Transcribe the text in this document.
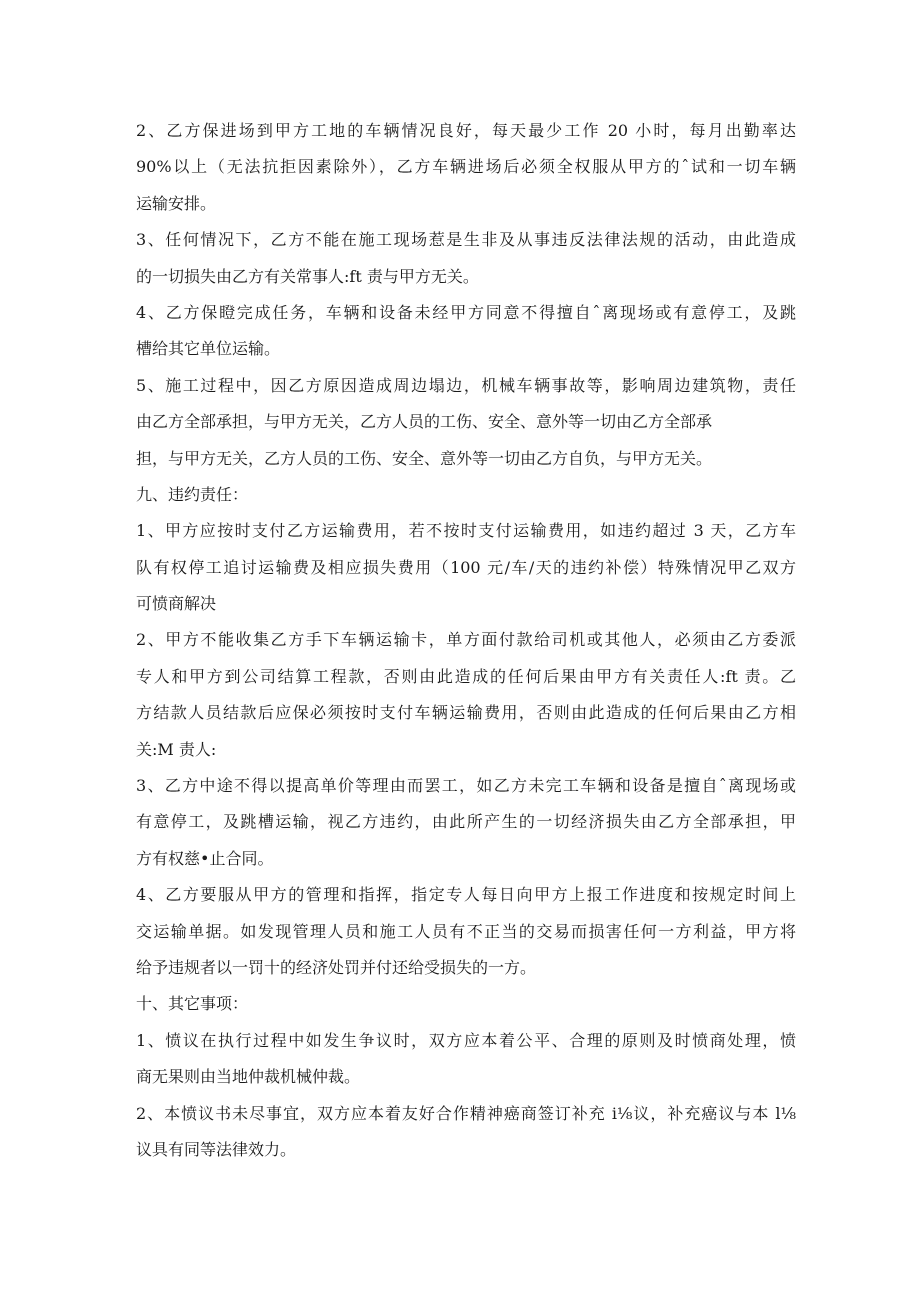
2、乙方保进场到甲方工地的车辆情况良好，每天最少工作 20 小时，每月出勤率达
90%以上（无法抗拒因素除外），乙方车辆进场后必须全权服从甲方的ˆ试和一切车辆
运输安排。
3、任何情况下，乙方不能在施工现场惹是生非及从事违反法律法规的活动，由此造成
的一切损失由乙方有关常事人:ft 责与甲方无关。
4、乙方保瞪完成任务，车辆和设备未经甲方同意不得擅自ˆ离现场或有意停工，及跳
槽给其它单位运输。
5、施工过程中，因乙方原因造成周边塌边，机械车辆事故等，影响周边建筑物，责任
由乙方全部承担，与甲方无关，乙方人员的工伤、安全、意外等一切由乙方全部承
担，与甲方无关，乙方人员的工伤、安全、意外等一切由乙方自负，与甲方无关。
九、违约责任：
1、甲方应按时支付乙方运输费用，若不按时支付运输费用，如违约超过 3 天，乙方车
队有权停工追讨运输费及相应损失费用（100 元/车/天的违约补偿）特殊情况甲乙双方
可愤商解决
2、甲方不能收集乙方手下车辆运输卡，单方面付款给司机或其他人，必须由乙方委派
专人和甲方到公司结算工程款，否则由此造成的任何后果由甲方有关责任人:ft 责。乙
方结款人员结款后应保必须按时支付车辆运输费用，否则由此造成的任何后果由乙方相
关:M 责人:
3、乙方中途不得以提高单价等理由而罢工，如乙方未完工车辆和设备是擅自ˆ离现场或
有意停工，及跳槽运输，视乙方违约，由此所产生的一切经济损失由乙方全部承担，甲
方有权慈•止合同。
4、乙方要服从甲方的管理和指挥，指定专人每日向甲方上报工作进度和按规定时间上
交运输单据。如发现管理人员和施工人员有不正当的交易而损害任何一方利益，甲方将
给予违规者以一罚十的经济处罚并付还给受损失的一方。
十、其它事项：
1、愤议在执行过程中如发生争议时，双方应本着公平、合理的原则及时愤商处理，愤
商无果则由当地仲裁机械仲裁。
2、本愤议书未尽事宜，双方应本着友好合作精神癌商签订补充 i⅛议，补充癌议与本 l⅛
议具有同等法律效力。
